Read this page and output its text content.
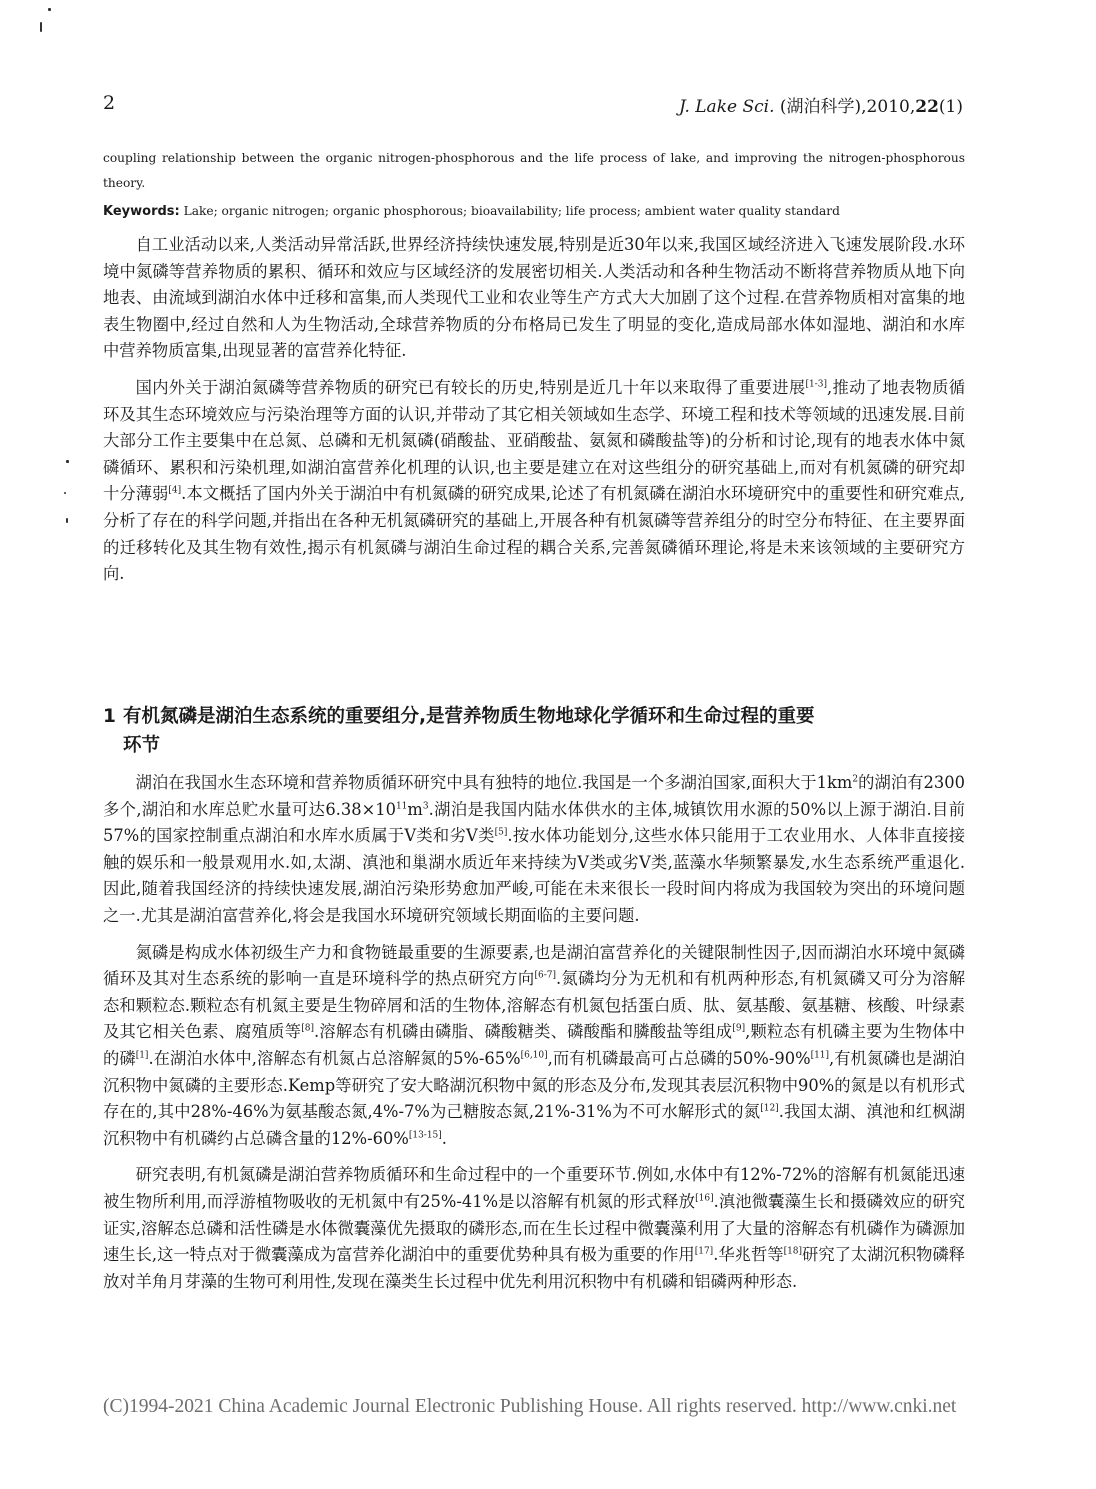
2	J. Lake Sci. (湖泊科学),2010,22(1)
coupling relationship between the organic nitrogen-phosphorous and the life process of lake, and improving the nitrogen-phosphorous theory.
Keywords: Lake; organic nitrogen; organic phosphorous; bioavailability; life process; ambient water quality standard

自工业活动以来,人类活动异常活跃,世界经济持续快速发展,特别是近30年以来,我国区域经济进入飞速发展阶段.水环境中氮磷等营养物质的累积、循环和效应与区域经济的发展密切相关.人类活动和各种生物活动不断将营养物质从地下向地表、由流域到湖泊水体中迁移和富集,而人类现代工业和农业等生产方式大大加剧了这个过程.在营养物质相对富集的地表生物圈中,经过自然和人为生物活动,全球营养物质的分布格局已发生了明显的变化,造成局部水体如湿地、湖泊和水库中营养物质富集,出现显著的富营养化特征.

国内外关于湖泊氮磷等营养物质的研究已有较长的历史,特别是近几十年以来取得了重要进展[1-3],推动了地表物质循环及其生态环境效应与污染治理等方面的认识,并带动了其它相关领域如生态学、环境工程和技术等领域的迅速发展.目前大部分工作主要集中在总氮、总磷和无机氮磷(硝酸盐、亚硝酸盐、氨氮和磷酸盐等)的分析和讨论,现有的地表水体中氮磷循环、累积和污染机理,如湖泊富营养化机理的认识,也主要是建立在对这些组分的研究基础上,而对有机氮磷的研究却十分薄弱[4].本文概括了国内外关于湖泊中有机氮磷的研究成果,论述了有机氮磷在湖泊水环境研究中的重要性和研究难点,分析了存在的科学问题,并指出在各种无机氮磷研究的基础上,开展各种有机氮磷等营养组分的时空分布特征、在主要界面的迁移转化及其生物有效性,揭示有机氮磷与湖泊生命过程的耦合关系,完善氮磷循环理论,将是未来该领域的主要研究方向.

1 有机氮磷是湖泊生态系统的重要组分,是营养物质生物地球化学循环和生命过程的重要
环节

湖泊在我国水生态环境和营养物质循环研究中具有独特的地位.我国是一个多湖泊国家,面积大于$1km^2$的湖泊有2300多个,湖泊和水库总贮水量可达$6.38\times 10^{11}m^3$.湖泊是我国内陆水体供水的主体,城镇饮用水源的50%以上源于湖泊.目前57%的国家控制重点湖泊和水库水质属于V类和劣V类[5].按水体功能划分,这些水体只能用于工农业用水、人体非直接接触的娱乐和一般景观用水.如,太湖、滇池和巢湖水质近年来持续为V类或劣V类,蓝藻水华频繁暴发,水生态系统严重退化.因此,随着我国经济的持续快速发展,湖泊污染形势愈加严峻,可能在未来很长一段时间内将成为我国较为突出的环境问题之一.尤其是湖泊富营养化,将会是我国水环境研究领域长期面临的主要问题.

氮磷是构成水体初级生产力和食物链最重要的生源要素,也是湖泊富营养化的关键限制性因子,因而湖泊水环境中氮磷循环及其对生态系统的影响一直是环境科学的热点研究方向[6-7].氮磷均分为无机和有机两种形态,有机氮磷又可分为溶解态和颗粒态.颗粒态有机氮主要是生物碎屑和活的生物体,溶解态有机氮包括蛋白质、肽、氨基酸、氨基糖、核酸、叶绿素及其它相关色素、腐殖质等[8].溶解态有机磷由磷脂、磷酸糖类、磷酸酯和膦酸盐等组成[9],颗粒态有机磷主要为生物体中的磷[1].在湖泊水体中,溶解态有机氮占总溶解氮的5%-65%[6,10],而有机磷最高可占总磷的50%-90%[11],有机氮磷也是湖泊沉积物中氮磷的主要形态.Kemp等研究了安大略湖沉积物中氮的形态及分布,发现其表层沉积物中90%的氮是以有机形式存在的,其中28%-46%为氨基酸态氮,4%-7%为己糖胺态氮,21%-31%为不可水解形式的氮[12].我国太湖、滇池和红枫湖沉积物中有机磷约占总磷含量的12%-60%[13-15].

研究表明,有机氮磷是湖泊营养物质循环和生命过程中的一个重要环节.例如,水体中有12%-72%的溶解有机氮能迅速被生物所利用,而浮游植物吸收的无机氮中有25%-41%是以溶解有机氮的形式释放[16].滇池微囊藻生长和摄磷效应的研究证实,溶解态总磷和活性磷是水体微囊藻优先摄取的磷形态,而在生长过程中微囊藻利用了大量的溶解态有机磷作为磷源加速生长,这一特点对于微囊藻成为富营养化湖泊中的重要优势种具有极为重要的作用[17].华兆哲等[18]研究了太湖沉积物磷释放对羊角月芽藻的生物可利用性,发现在藻类生长过程中优先利用沉积物中有机磷和铝磷两种形态.

(C)1994-2021 China Academic Journal Electronic Publishing House. All rights reserved. http://www.cnki.net
